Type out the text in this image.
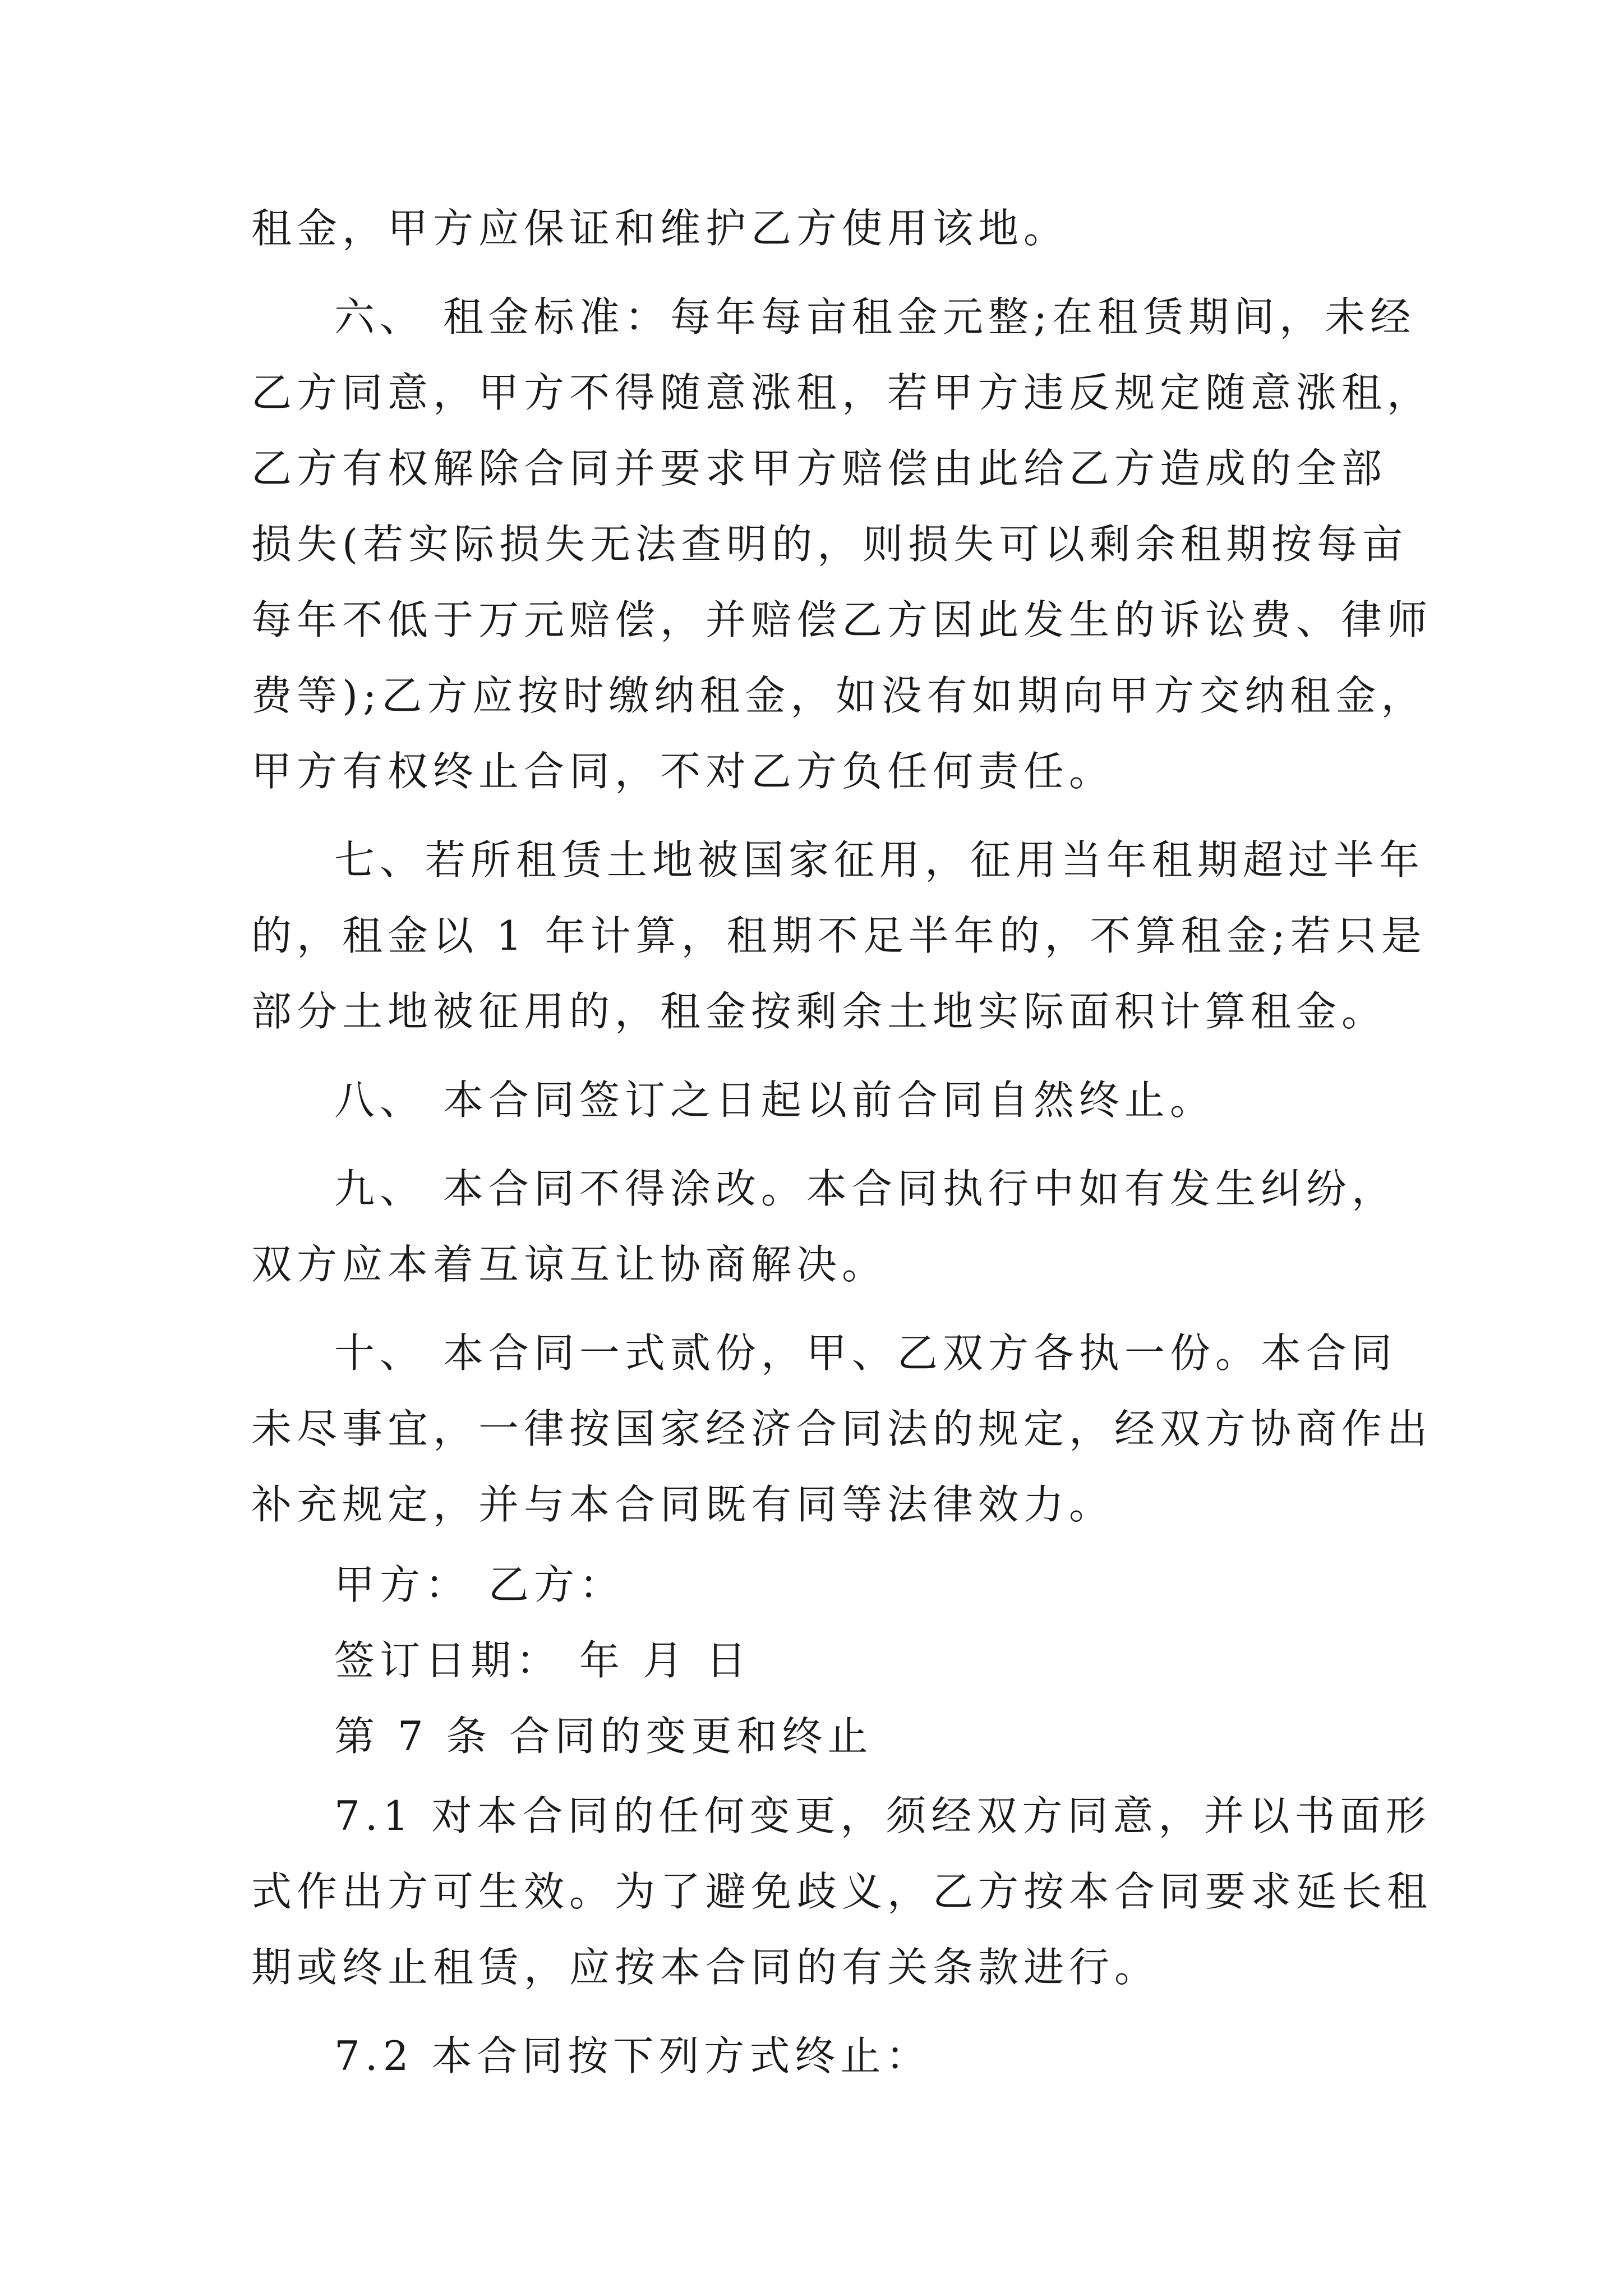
租金，甲方应保证和维护乙方使用该地。
六、 租金标准：每年每亩租金元整;在租赁期间，未经
乙方同意，甲方不得随意涨租，若甲方违反规定随意涨租，
乙方有权解除合同并要求甲方赔偿由此给乙方造成的全部
损失(若实际损失无法查明的，则损失可以剩余租期按每亩
每年不低于万元赔偿，并赔偿乙方因此发生的诉讼费、律师
费等);乙方应按时缴纳租金，如没有如期向甲方交纳租金，
甲方有权终止合同，不对乙方负任何责任。
七、若所租赁土地被国家征用，征用当年租期超过半年
的，租金以 1 年计算，租期不足半年的，不算租金;若只是
部分土地被征用的，租金按剩余土地实际面积计算租金。
八、 本合同签订之日起以前合同自然终止。
九、 本合同不得涂改。本合同执行中如有发生纠纷，
双方应本着互谅互让协商解决。
十、 本合同一式贰份，甲、乙双方各执一份。本合同
未尽事宜，一律按国家经济合同法的规定，经双方协商作出
补充规定，并与本合同既有同等法律效力。
甲方： 乙方：
签订日期： 年 月 日
第 7 条 合同的变更和终止
7.1 对本合同的任何变更，须经双方同意，并以书面形
式作出方可生效。为了避免歧义，乙方按本合同要求延长租
期或终止租赁，应按本合同的有关条款进行。
7.2 本合同按下列方式终止：
